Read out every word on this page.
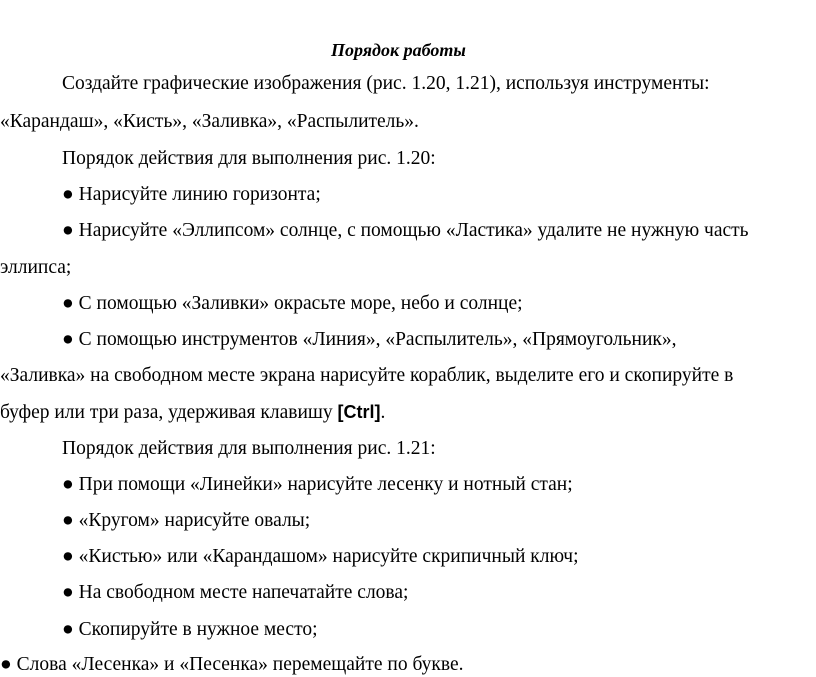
Порядок работы
Создайте графические изображения (рис. 1.20, 1.21), используя инструменты:
«Карандаш», «Кисть», «Заливка», «Распылитель».
Порядок действия для выполнения рис. 1.20:
● Нарисуйте линию горизонта;
● Нарисуйте «Эллипсом» солнце, с помощью «Ластика» удалите не нужную часть
эллипса;
● С помощью «Заливки» окрасьте море, небо и солнце;
● С помощью инструментов «Линия», «Распылитель», «Прямоугольник»,
«Заливка» на свободном месте экрана нарисуйте кораблик, выделите его и скопируйте в
буфер или три раза, удерживая клавишу [Ctrl].
Порядок действия для выполнения рис. 1.21:
● При помощи «Линейки» нарисуйте лесенку и нотный стан;
● «Кругом» нарисуйте овалы;
● «Кистью» или «Карандашом» нарисуйте скрипичный ключ;
● На свободном месте напечатайте слова;
● Скопируйте в нужное место;
● Слова «Лесенка» и «Песенка» перемещайте по букве.
